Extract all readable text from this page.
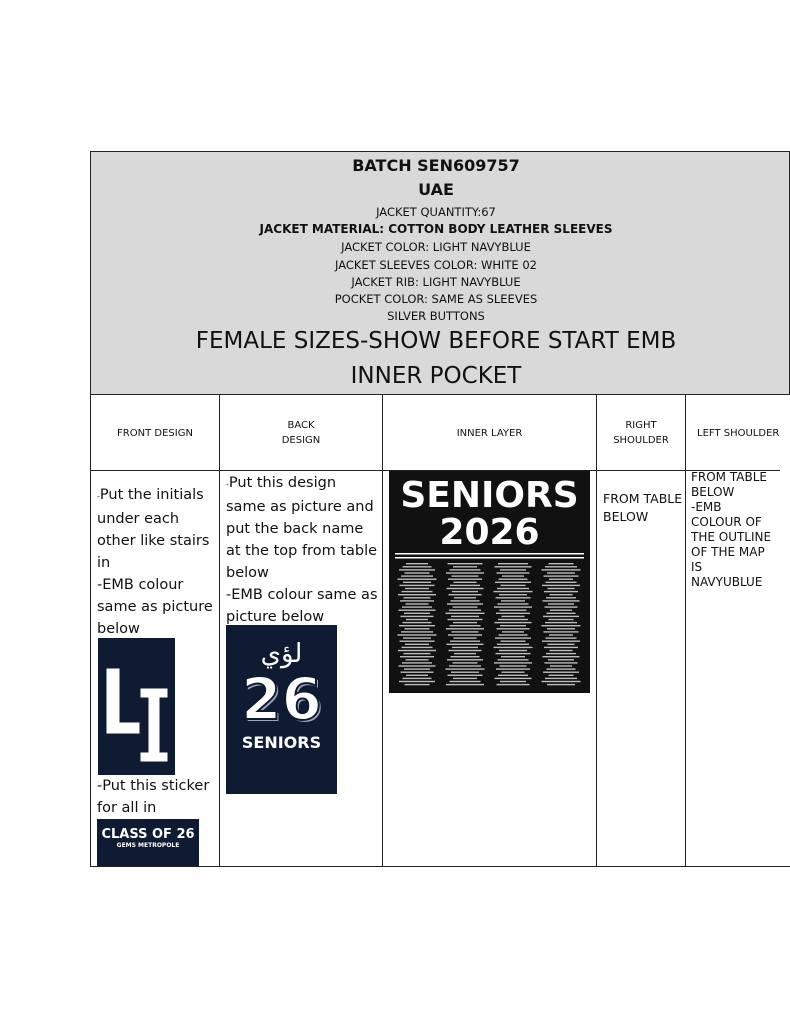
BATCH SEN609757
UAE
JACKET QUANTITY:67
JACKET MATERIAL: COTTON BODY LEATHER SLEEVES
JACKET COLOR: LIGHT NAVYBLUE
JACKET SLEEVES COLOR: WHITE 02
JACKET RIB: LIGHT NAVYBLUE
POCKET COLOR: SAME AS SLEEVES
SILVER BUTTONS
FEMALE SIZES-SHOW BEFORE START EMB
INNER POCKET
FRONT DESIGN
BACK
DESIGN
INNER LAYER
RIGHT
SHOULDER
LEFT SHOULDER
-Put the initials
under each
other like stairs
in
-EMB colour
same as picture
below
-Put this sticker
for all in
CLASS OF 26
GEMS METROPOLE
-Put this design
same as picture and
put the back name
at the top from table
below
-EMB colour same as
picture below
لؤي
26
SENIORS
SENIORS
2026
FROM TABLE
BELOW
FROM TABLE
BELOW
-EMB
COLOUR OF
THE OUTLINE
OF THE MAP
IS
NAVYUBLUE
